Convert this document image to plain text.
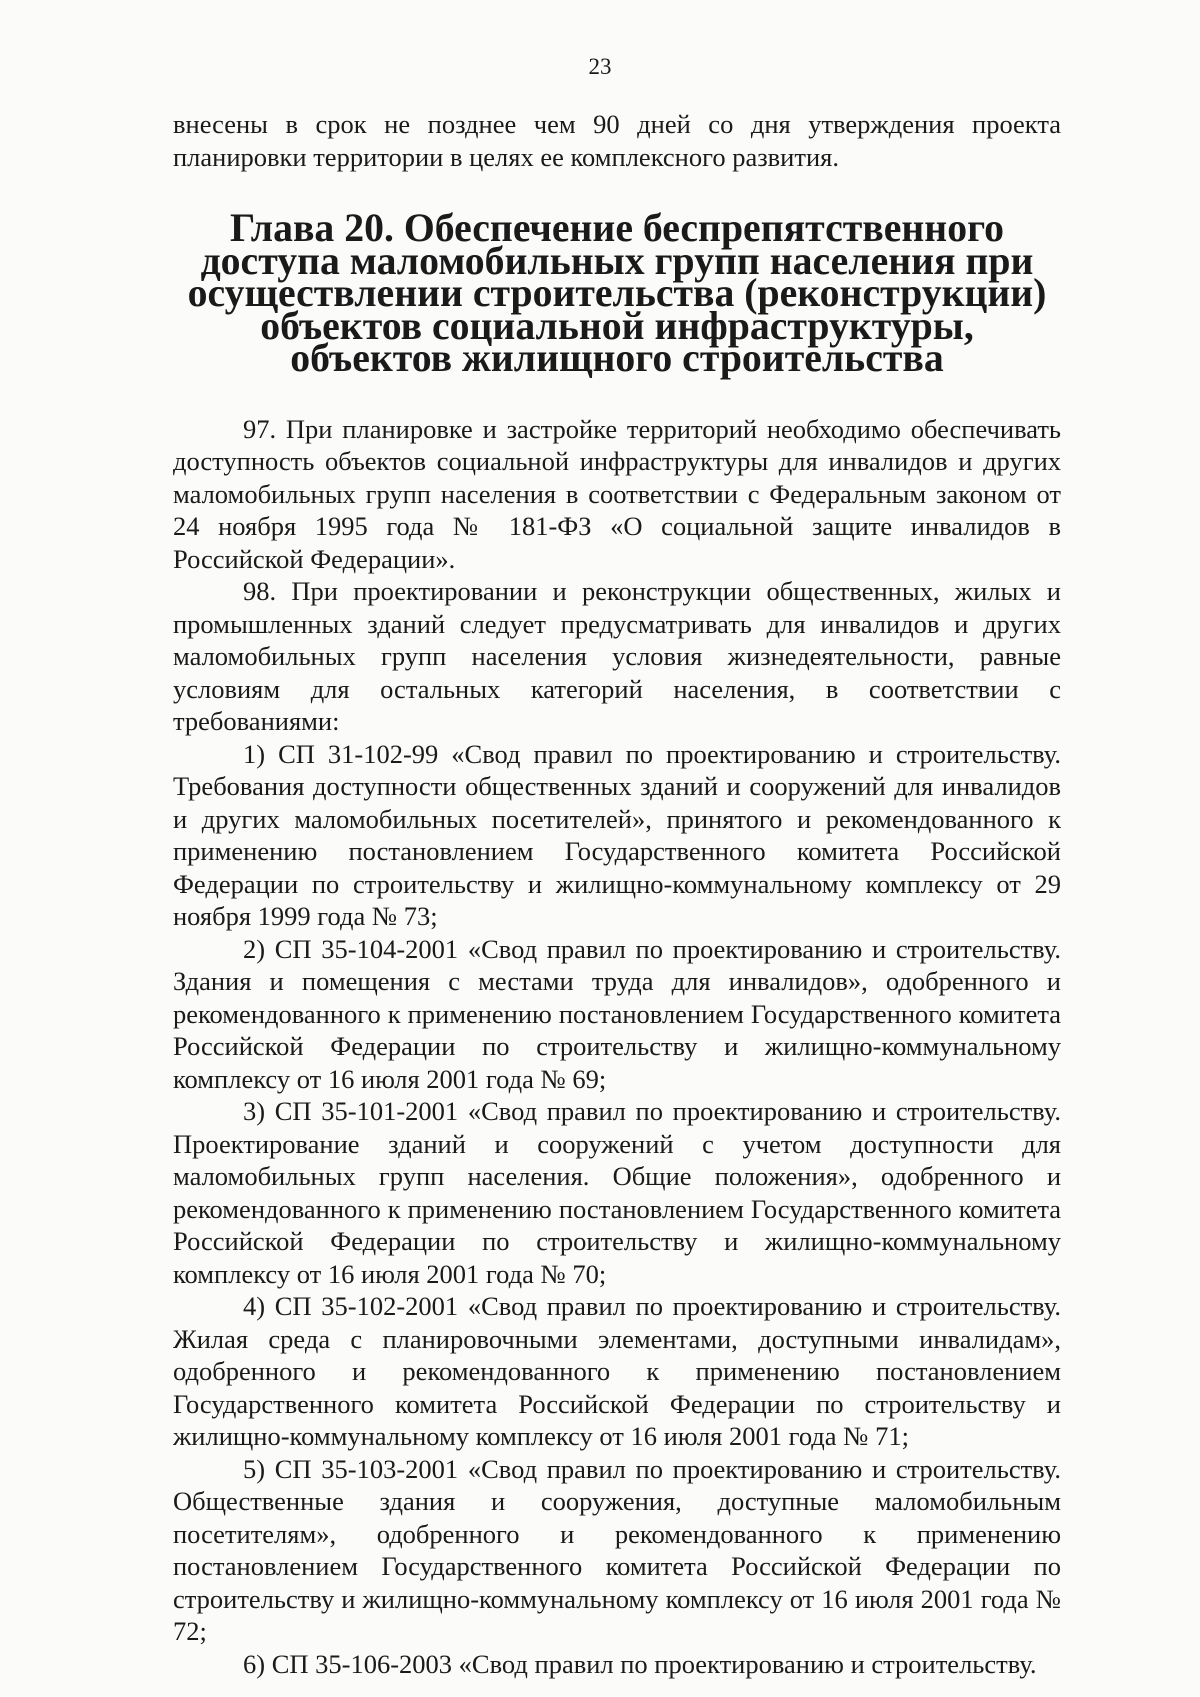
23

внесены в срок не позднее чем 90 дней со дня утверждения проекта планировки территории в целях ее комплексного развития.

Глава 20. Обеспечение беспрепятственного доступа маломобильных групп населения при осуществлении строительства (реконструкции) объектов социальной инфраструктуры, объектов жилищного строительства

97. При планировке и застройке территорий необходимо обеспечивать доступность объектов социальной инфраструктуры для инвалидов и других маломобильных групп населения в соответствии с Федеральным законом от 24 ноября 1995 года № 181-ФЗ «О социальной защите инвалидов в Российской Федерации».

98. При проектировании и реконструкции общественных, жилых и промышленных зданий следует предусматривать для инвалидов и других маломобильных групп населения условия жизнедеятельности, равные условиям для остальных категорий населения, в соответствии с требованиями:

1) СП 31-102-99 «Свод правил по проектированию и строительству. Требования доступности общественных зданий и сооружений для инвалидов и других маломобильных посетителей», принятого и рекомендованного к применению постановлением Государственного комитета Российской Федерации по строительству и жилищно-коммунальному комплексу от 29 ноября 1999 года № 73;

2) СП 35-104-2001 «Свод правил по проектированию и строительству. Здания и помещения с местами труда для инвалидов», одобренного и рекомендованного к применению постановлением Государственного комитета Российской Федерации по строительству и жилищно-коммунальному комплексу от 16 июля 2001 года № 69;

3) СП 35-101-2001 «Свод правил по проектированию и строительству. Проектирование зданий и сооружений с учетом доступности для маломобильных групп населения. Общие положения», одобренного и рекомендованного к применению постановлением Государственного комитета Российской Федерации по строительству и жилищно-коммунальному комплексу от 16 июля 2001 года № 70;

4) СП 35-102-2001 «Свод правил по проектированию и строительству. Жилая среда с планировочными элементами, доступными инвалидам», одобренного и рекомендованного к применению постановлением Государственного комитета Российской Федерации по строительству и жилищно-коммунальному комплексу от 16 июля 2001 года № 71;

5) СП 35-103-2001 «Свод правил по проектированию и строительству. Общественные здания и сооружения, доступные маломобильным посетителям», одобренного и рекомендованного к применению постановлением Государственного комитета Российской Федерации по строительству и жилищно-коммунальному комплексу от 16 июля 2001 года № 72;

6) СП 35-106-2003 «Свод правил по проектированию и строительству.
